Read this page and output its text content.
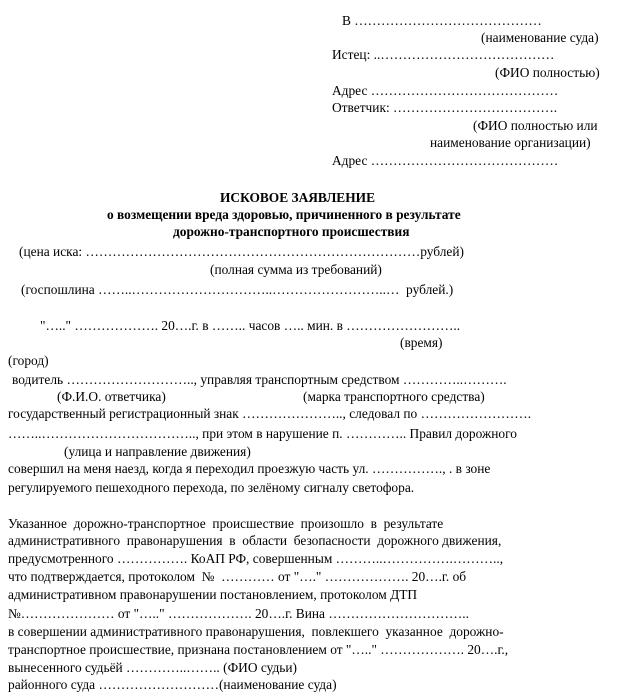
В ……………………………………
(наименование суда)
Истец: ..…………………………………
(ФИО полностью)
Адрес ……………………………………
Ответчик: ……………………………….
(ФИО полностью или
наименование организации)
Адрес ……………………………………
ИСКОВОЕ ЗАЯВЛЕНИЕ
о возмещении вреда здоровью, причиненного в результате
дорожно-транспортного происшествия
(цена иска: …………………………………………………………………рублей)
(полная сумма из требований)
(госпошлина ……..…………………………..……………………..…  рублей.)
"….." ………………. 20….г. в …….. часов ….. мин. в ……………………..
(время)
(город)
водитель ……………………….., управляя транспортным средством …………..……….
(Ф.И.О. ответчика)                                         (марка транспортного средства)
государственный регистрационный знак ………………….., следовал по …………………….
……..…………………………….., при этом в нарушение п. ………….. Правил дорожного
(улица и направление движения)
совершил на меня наезд, когда я переходил проезжую часть ул. ……………., . в зоне
регулируемого пешеходного перехода, по зелёному сигналу светофора.
Указанное  дорожно-транспортное  происшествие  произошло  в  результате
административного  правонарушения  в  области  безопасности  дорожного движения,
предусмотренного ……………. КоАП РФ, совершенным ………..…………….………..,
что подтверждается, протоколом  №  ………… от "…." ………………. 20….г. об
административном правонарушении постановлением, протоколом ДТП
№………………… от "….." ………………. 20….г. Вина …………………………..
в совершении административного правонарушения,  повлекшего  указанное  дорожно-
транспортное происшествие, признана постановлением от "….." ………………. 20….г.,
вынесенного судьёй …………..…….. (ФИО судьи)
районного суда ………………………(наименование суда)
